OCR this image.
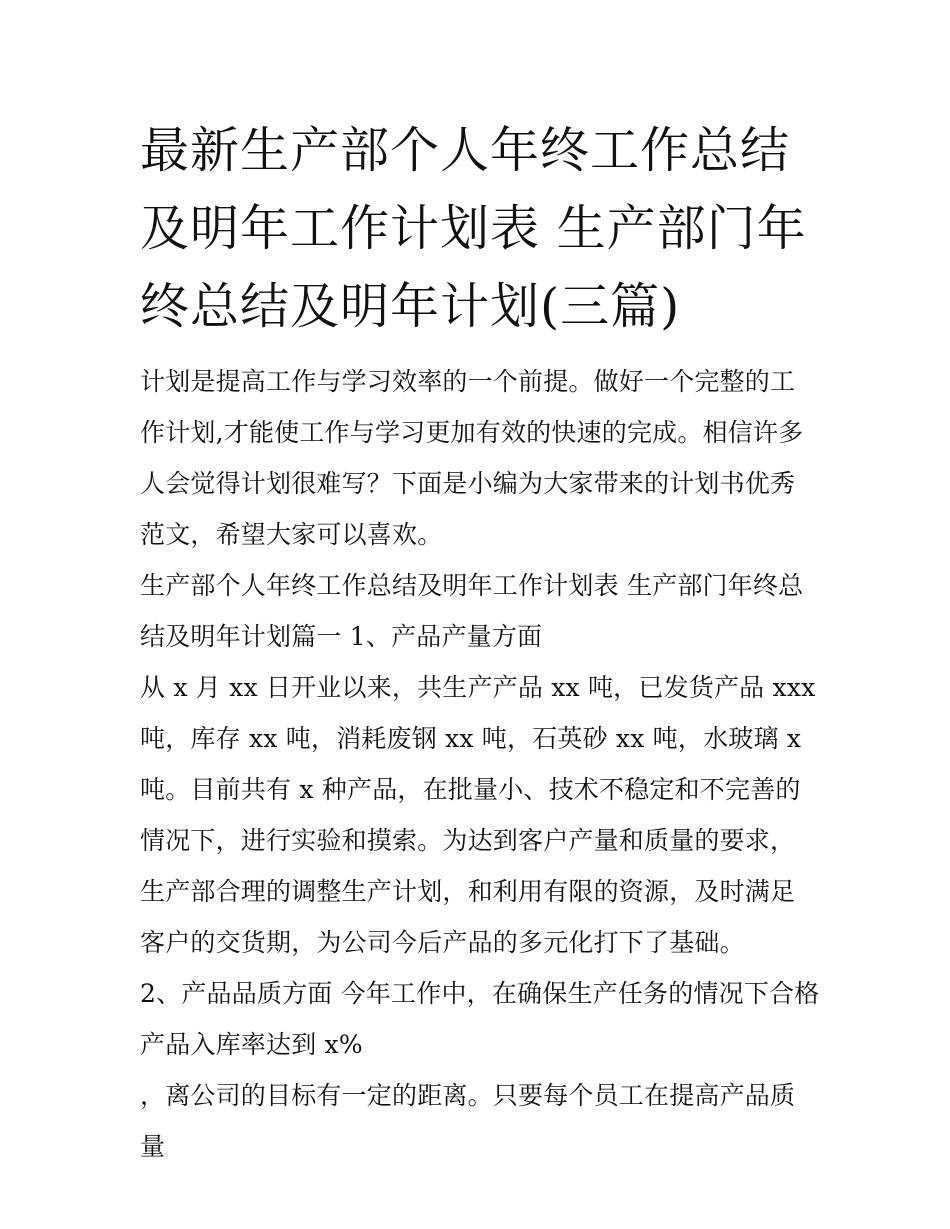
最新生产部个人年终工作总结及明年工作计划表 生产部门年终总结及明年计划(三篇)

计划是提高工作与学习效率的一个前提。做好一个完整的工作计划,才能使工作与学习更加有效的快速的完成。相信许多人会觉得计划很难写？下面是小编为大家带来的计划书优秀范文，希望大家可以喜欢。

生产部个人年终工作总结及明年工作计划表 生产部门年终总结及明年计划篇一 1、产品产量方面

从 x 月 xx 日开业以来，共生产产品 xx 吨，已发货产品 xxx 吨，库存 xx 吨，消耗废钢 xx 吨，石英砂 xx 吨，水玻璃 x 吨。目前共有 x 种产品，在批量小、技术不稳定和不完善的情况下，进行实验和摸索。为达到客户产量和质量的要求，生产部合理的调整生产计划，和利用有限的资源，及时满足客户的交货期，为公司今后产品的多元化打下了基础。

2、产品品质方面 今年工作中，在确保生产任务的情况下合格产品入库率达到 x%

，离公司的目标有一定的距离。只要每个员工在提高产品质量
